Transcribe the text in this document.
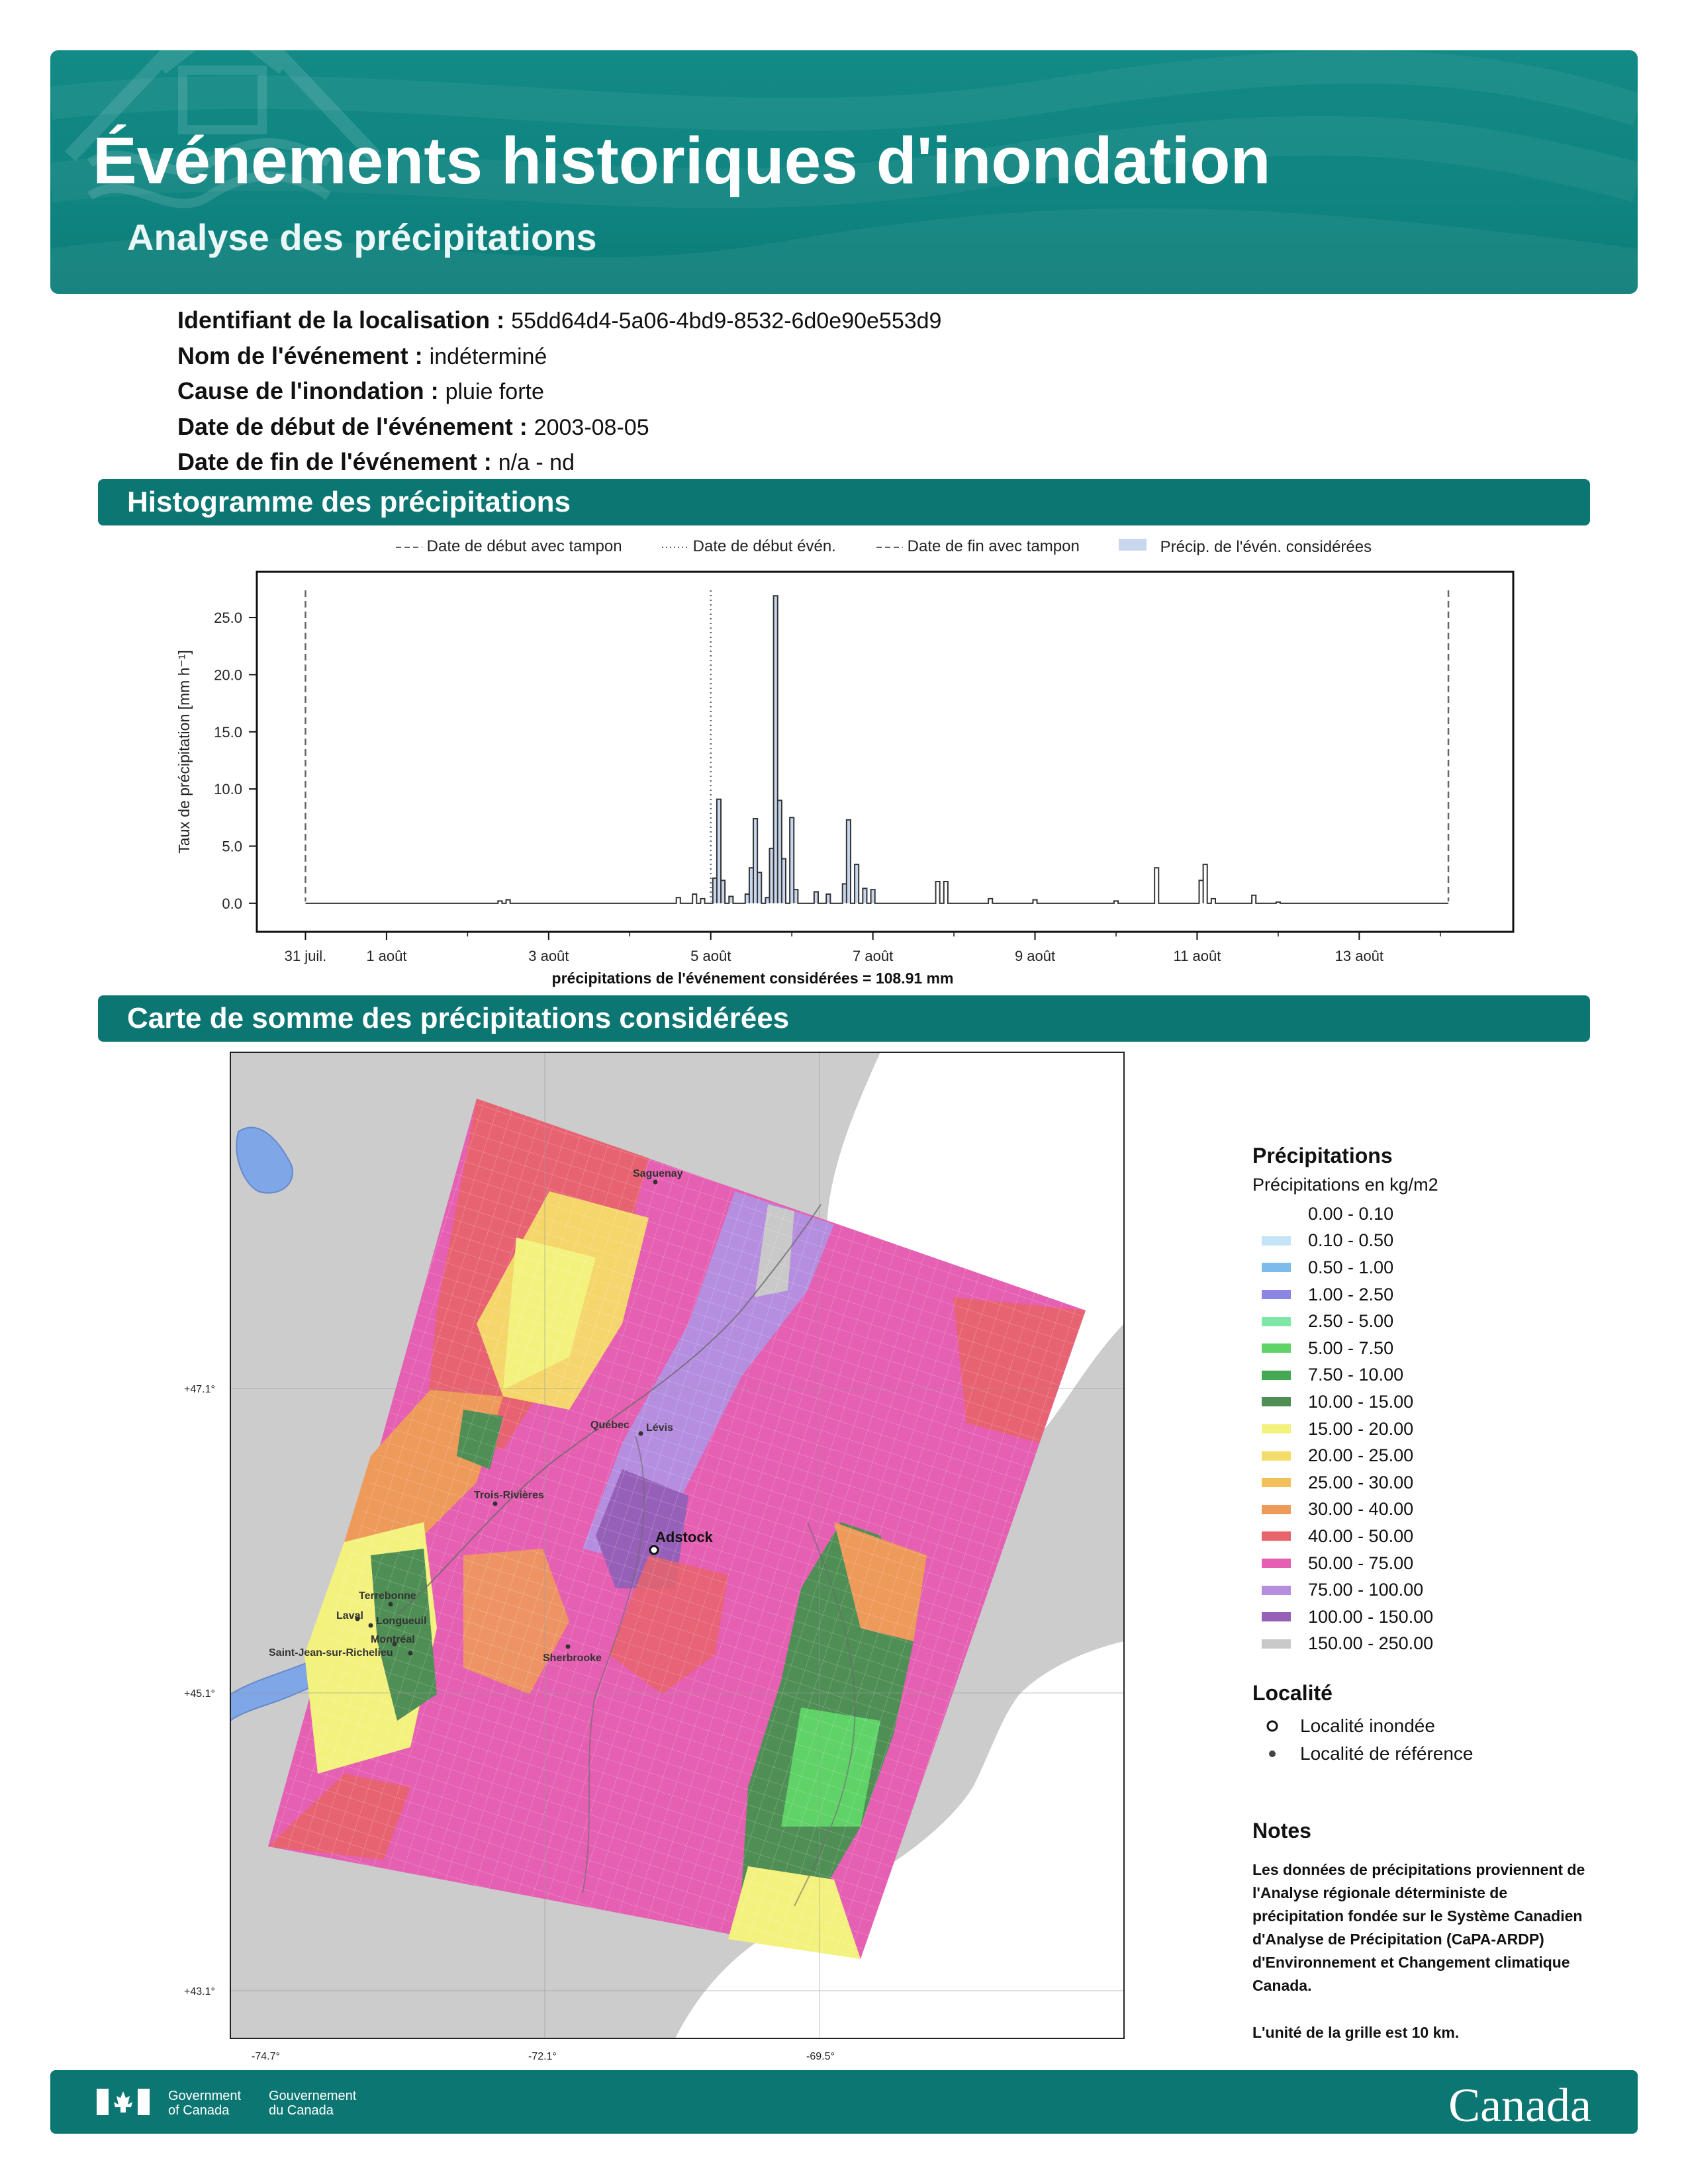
Événements historiques d'inondation
Analyse des précipitations
Identifiant de la localisation : 55dd64d4-5a06-4bd9-8532-6d0e90e553d9
Nom de l'événement : indéterminé
Cause de l'inondation : pluie forte
Date de début de l'événement : 2003-08-05
Date de fin de l'événement : n/a - nd
Histogramme des précipitations
Date de début avec tampon	Date de début évén.	Date de fin avec tampon	Précip. de l'évén. considérées
0.0
5.0
10.0
15.0
20.0
25.0
31 juil.	1 août	3 août	5 août	7 août	9 août	11 août	13 août
Taux de précipitation [mm h⁻¹]
précipitations de l'événement considérées = 108.91 mm
Carte de somme des précipitations considérées
Saguenay
Québec Lévis
Trois-Rivières
Terrebonne
Laval Longueuil
Montréal
Saint-Jean-sur-Richelieu	Sherbrooke
Adstock
+47.1°
+45.1°
+43.1°
-74.7°	-72.1°	-69.5°
Précipitations
Précipitations en kg/m2
0.00 - 0.10
0.10 - 0.50
0.50 - 1.00
1.00 - 2.50
2.50 - 5.00
5.00 - 7.50
7.50 - 10.00
10.00 - 15.00
15.00 - 20.00
20.00 - 25.00
25.00 - 30.00
30.00 - 40.00
40.00 - 50.00
50.00 - 75.00
75.00 - 100.00
100.00 - 150.00
150.00 - 250.00
Localité
Localité inondée
Localité de référence
Notes

Les données de précipitations proviennent de l'Analyse régionale déterministe de précipitation fondée sur le Système Canadien d'Analyse de Précipitation (CaPA-ARDP) d'Environnement et Changement climatique Canada.

L'unité de la grille est 10 km.

Government
of Canada
Gouvernement
du Canada	Canada
